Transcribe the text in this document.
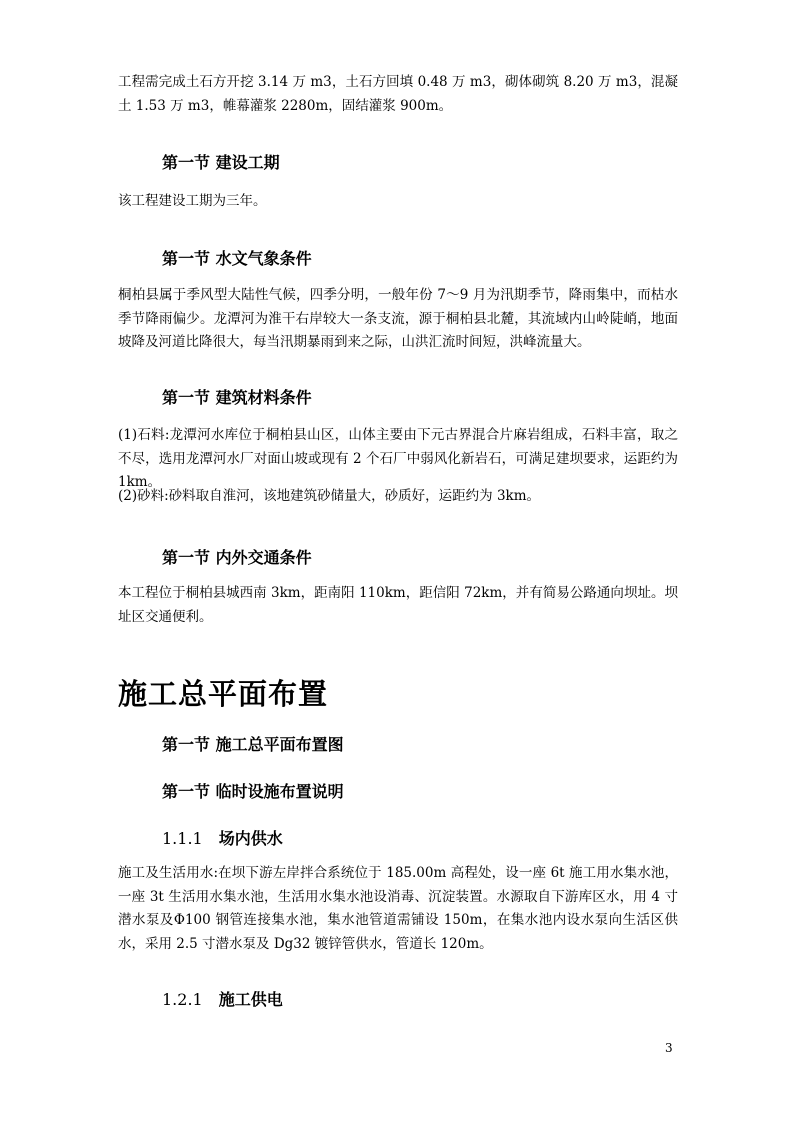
工程需完成土石方开挖 3.14 万 m3，土石方回填 0.48 万 m3，砌体砌筑 8.20 万 m3，混凝土 1.53 万 m3，帷幕灌浆 2280m，固结灌浆 900m。

第一节 建设工期

该工程建设工期为三年。

第一节 水文气象条件

桐柏县属于季风型大陆性气候，四季分明，一般年份 7～9 月为汛期季节，降雨集中，而枯水季节降雨偏少。龙潭河为淮干右岸较大一条支流，源于桐柏县北麓，其流域内山岭陡峭，地面坡降及河道比降很大，每当汛期暴雨到来之际，山洪汇流时间短，洪峰流量大。

第一节 建筑材料条件

(1)石料:龙潭河水库位于桐柏县山区，山体主要由下元古界混合片麻岩组成，石料丰富，取之不尽，选用龙潭河水厂对面山坡或现有 2 个石厂中弱风化新岩石，可满足建坝要求，运距约为 1km。

(2)砂料:砂料取自淮河，该地建筑砂储量大，砂质好，运距约为 3km。

第一节 内外交通条件

本工程位于桐柏县城西南 3km，距南阳 110km，距信阳 72km，并有简易公路通向坝址。坝址区交通便利。

施工总平面布置
第一节 施工总平面布置图
第一节 临时设施布置说明
1.1.1 场内供水

施工及生活用水:在坝下游左岸拌合系统位于 185.00m 高程处，设一座 6t 施工用水集水池，一座 3t 生活用水集水池，生活用水集水池设消毒、沉淀装置。水源取自下游库区水，用 4 寸潜水泵及Φ100 钢管连接集水池，集水池管道需铺设 150m，在集水池内设水泵向生活区供水，采用 2.5 寸潜水泵及 Dg32 镀锌管供水，管道长 120m。

1.2.1 施工供电
3
